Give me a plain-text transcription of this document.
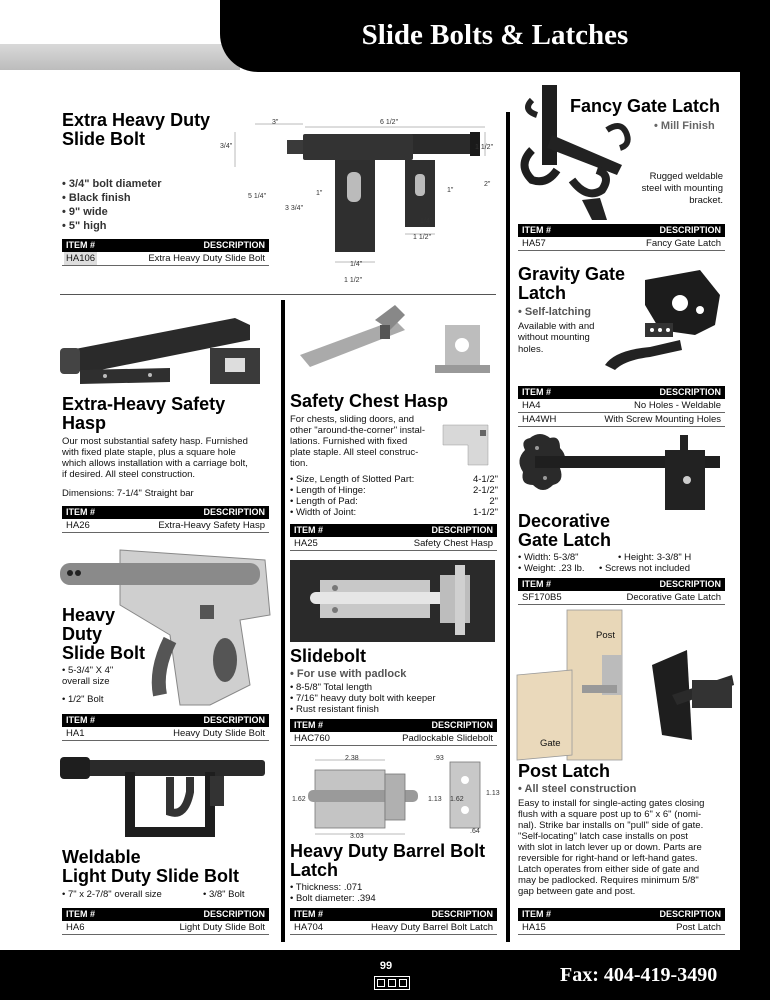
Slide Bolts & Latches
Extra Heavy Duty
Slide Bolt
• 3/4" bolt diameter
• Black finish
• 9" wide
• 5" high
3"	6 1/2"
3/4"	1 1/2"
5 1/4"	1"
2"
1"
3 3/4"
1/4"
1 1/2"
1/4"
1 1/2"
ITEM #	DESCRIPTION
HA106	Extra Heavy Duty Slide Bolt
Fancy Gate Latch
• Mill Finish
Rugged weldable
steel with mounting
bracket.
ITEM #	DESCRIPTION
HA57	Fancy Gate Latch
Gravity Gate
Latch
• Self-latching
Available with and
without mounting
holes.
ITEM #	DESCRIPTION
HA4	No Holes - Weldable
HA4WH	With Screw Mounting Holes
Extra-Heavy Safety
Hasp
Our most substantial safety hasp. Furnished
with fixed plate staple, plus a square hole
which allows installation with a carriage bolt,
if desired. All steel construction.
Dimensions: 7-1/4" Straight bar
ITEM #	DESCRIPTION
HA26	Extra-Heavy Safety Hasp
Safety Chest Hasp
For chests, sliding doors, and
other "around-the-corner" instal-
lations. Furnished with fixed
plate staple. All steel construc-
tion.
• Size, Length of Slotted Part:	4-1/2"
• Length of Hinge:	2-1/2"
• Length of Pad:	2"
• Width of Joint:	1-1/2"
ITEM #	DESCRIPTION
HA25	Safety Chest Hasp
Decorative
Gate Latch
• Width: 5-3/8"	• Height: 3-3/8" H
• Weight: .23 lb. • Screws not included
ITEM #	DESCRIPTION
SF170B5	Decorative Gate Latch
Heavy
Duty
Slide Bolt
• 5-3/4" X 4"
overall size
• 1/2" Bolt
ITEM #	DESCRIPTION
HA1	Heavy Duty Slide Bolt
Slidebolt
• For use with padlock
• 8-5/8" Total length
• 7/16" heavy duty bolt with keeper
• Rust resistant finish
ITEM #	DESCRIPTION
HAC760	Padlockable Slidebolt
Post
Gate
Post Latch
• All steel construction
Easy to install for single-acting gates closing
flush with a square post up to 6" x 6" (nomi-
nal). Strike bar installs on "pull" side of gate.
"Self-locating" latch case installs on post
with slot in latch lever up or down. Parts are
reversible for right-hand or left-hand gates.
Latch operates from either side of gate and
may be padlocked. Requires minimum 5/8"
gap between gate and post.
ITEM #	DESCRIPTION
HA15	Post Latch
Weldable
Light Duty Slide Bolt
• 7" x 2-7/8" overall size	• 3/8" Bolt
ITEM #	DESCRIPTION
HA6	Light Duty Slide Bolt
2.38	.93
1.62	1.13 1.62
1.13
3.03
.64
Heavy Duty Barrel Bolt
Latch
• Thickness: .071
• Bolt diameter: .394
ITEM #	DESCRIPTION
HA704	Heavy Duty Barrel Bolt Latch
99	Fax: 404-419-3490
